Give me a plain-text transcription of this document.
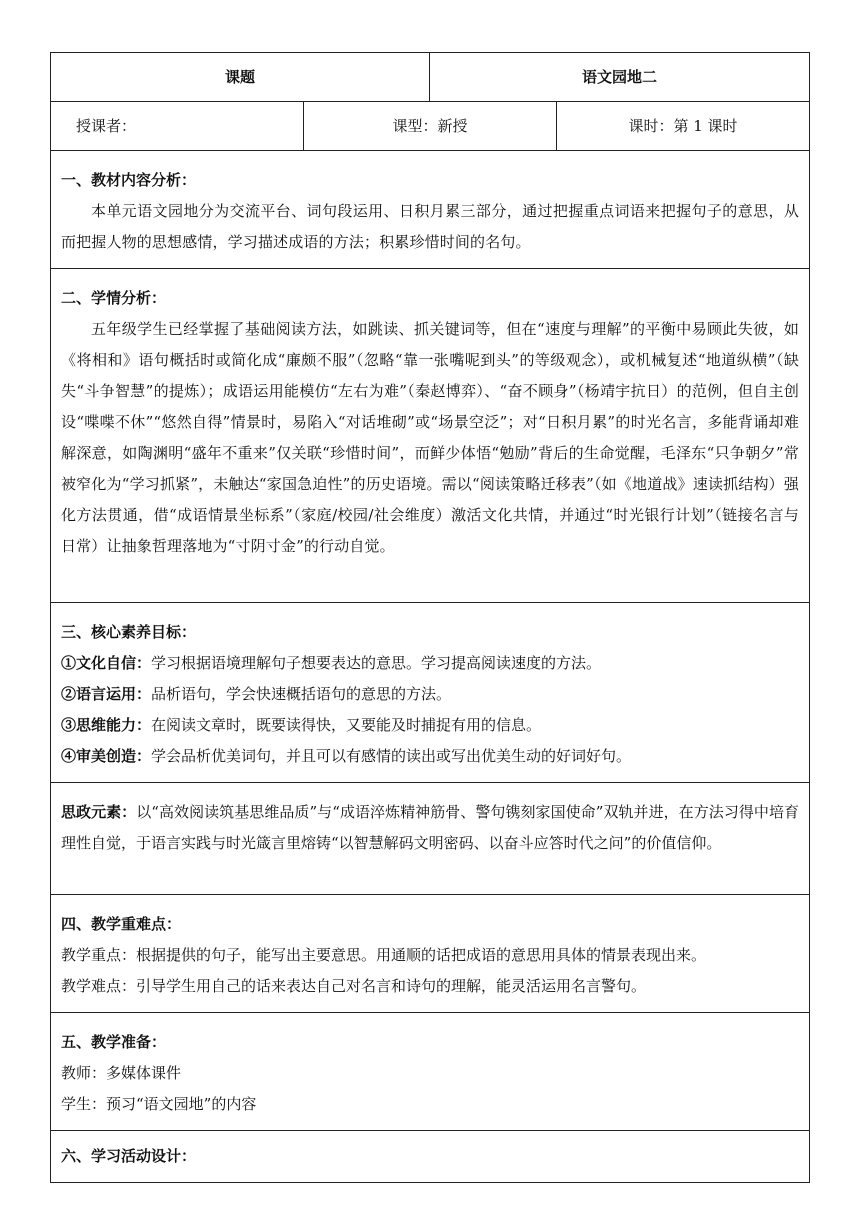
课题		语文园地二	
授课者：	课型：新授		课时：第 1 课时

一、教材内容分析：
本单元语文园地分为交流平台、词句段运用、日积月累三部分，通过把握重点词语来把握句子的意思，从而把握人物的思想感情，学习描述成语的方法；积累珍惜时间的名句。			

二、学情分析：
五年级学生已经掌握了基础阅读方法，如跳读、抓关键词等，但在“速度与理解”的平衡中易顾此失彼，如《将相和》语句概括时或简化成“廉颇不服”（忽略“靠一张嘴呢到头”的等级观念），或机械复述“地道纵横”（缺失“斗争智慧”的提炼）；成语运用能模仿“左右为难”（秦赵博弈）、“奋不顾身”（杨靖宇抗日）的范例，但自主创设“喋喋不休”“悠然自得”情景时，易陷入“对话堆砌”或“场景空泛”；对“日积月累”的时光名言，多能背诵却难解深意，如陶渊明“盛年不重来”仅关联“珍惜时间”，而鲜少体悟“勉励”背后的生命觉醒，毛泽东“只争朝夕”常被窄化为“学习抓紧”，未触达“家国急迫性”的历史语境。需以“阅读策略迁移表”（如《地道战》速读抓结构）强化方法贯通，借“成语情景坐标系”（家庭/校园/社会维度）激活文化共情，并通过“时光银行计划”（链接名言与日常）让抽象哲理落地为“寸阴寸金”的行动自觉。			

三、核心素养目标：
①文化自信：学习根据语境理解句子想要表达的意思。学习提高阅读速度的方法。
②语言运用：品析语句，学会快速概括语句的意思的方法。
③思维能力：在阅读文章时，既要读得快，又要能及时捕捉有用的信息。
④审美创造：学会品析优美词句，并且可以有感情的读出或写出优美生动的好词好句。			

思政元素：以“高效阅读筑基思维品质”与“成语淬炼精神筋骨、警句镌刻家国使命”双轨并进，在方法习得中培育理性自觉，于语言实践与时光箴言里熔铸“以智慧解码文明密码、以奋斗应答时代之问”的价值信仰。			

四、教学重难点：
教学重点：根据提供的句子，能写出主要意思。用通顺的话把成语的意思用具体的情景表现出来。
教学难点：引导学生用自己的话来表达自己对名言和诗句的理解，能灵活运用名言警句。			

五、教学准备：
教师：多媒体课件
学生：预习“语文园地”的内容			

六、学习活动设计：			
